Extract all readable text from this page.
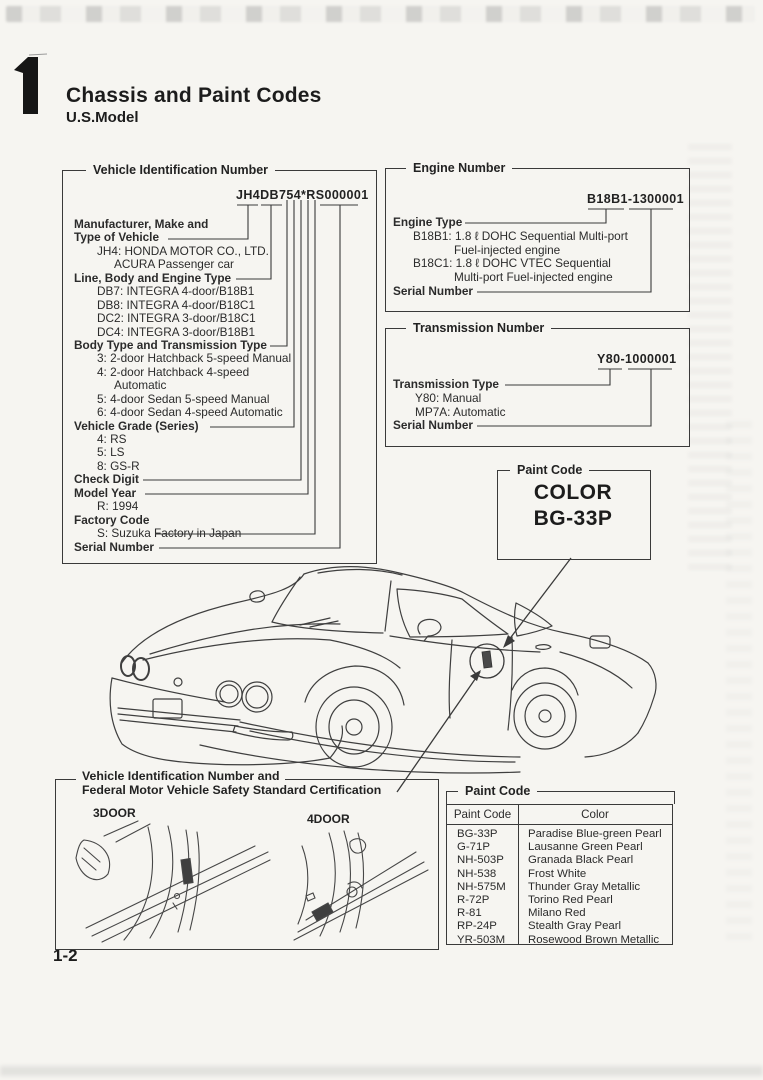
Chassis and Paint Codes
U.S.Model
1-2
Vehicle Identification Number
JH4DB754*RS000001
Manufacturer, Make and
Type of Vehicle
JH4: HONDA MOTOR CO., LTD.
ACURA Passenger car
Line, Body and Engine Type
DB7: INTEGRA 4-door/B18B1
DB8: INTEGRA 4-door/B18C1
DC2: INTEGRA 3-door/B18C1
DC4: INTEGRA 3-door/B18B1
Body Type and Transmission Type
3: 2-door Hatchback 5-speed Manual
4: 2-door Hatchback 4-speed
Automatic
5: 4-door Sedan 5-speed Manual
6: 4-door Sedan 4-speed Automatic
Vehicle Grade (Series)
4: RS
5: LS
8: GS-R
Check Digit
Model Year
R: 1994
Factory Code
S: Suzuka Factory in Japan
Serial Number
Engine Number
B18B1-1300001
Engine Type
B18B1: 1.8 ℓ DOHC Sequential Multi-port
Fuel-injected engine
B18C1: 1.8 ℓ DOHC VTEC Sequential
Multi-port Fuel-injected engine
Serial Number
Transmission Number
Y80-1000001
Transmission Type
Y80: Manual
MP7A: Automatic
Serial Number
Paint Code
COLOR
BG-33P
Vehicle Identification Number and
Federal Motor Vehicle Safety Standard Certification
3DOOR	4DOOR
Paint Code
Paint Code	Color
BG-33P	Paradise Blue-green Pearl
G-71P	Lausanne Green Pearl
NH-503P	Granada Black Pearl
NH-538	Frost White
NH-575M	Thunder Gray Metallic
R-72P	Torino Red Pearl
R-81	Milano Red
RP-24P	Stealth Gray Pearl
YR-503M	Rosewood Brown Metallic
